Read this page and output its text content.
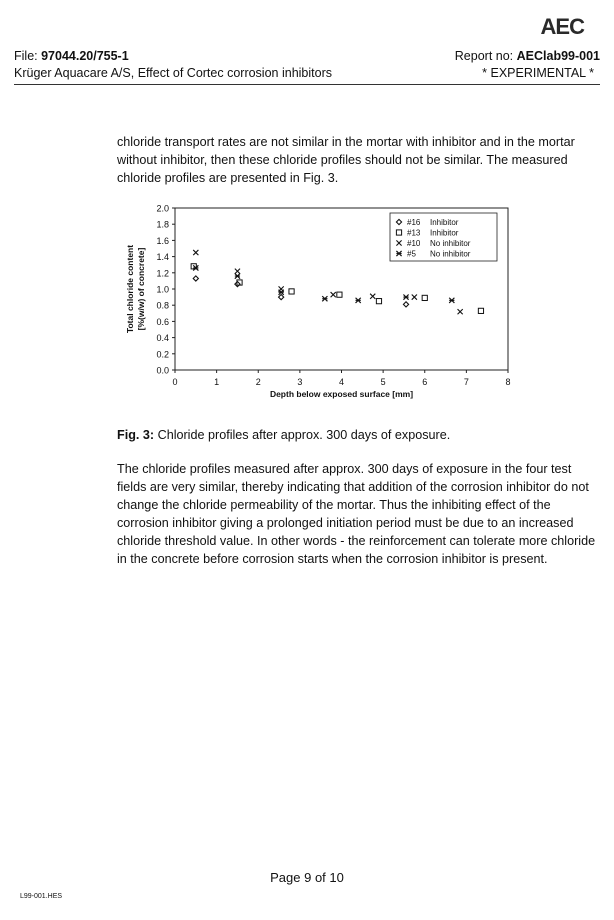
AEC
File: 97044.20/755-1	Report no: AEClab99-001
Krüger Aquacare A/S, Effect of Cortec corrosion inhibitors	* EXPERIMENTAL *
chloride transport rates are not similar in the mortar with inhibitor and in the mortar without inhibitor, then these chloride profiles should not be similar. The measured chloride profiles are presented in Fig. 3.
0.0
0.2
0.4
0.6
0.8
1.0
1.2
1.4
1.6
1.8
2.0
0	1	2	3	4	5	6	7	8
Depth below exposed surface [mm]
Total chloride content [%(w/w) of concrete]
#16 Inhibitor
#13 Inhibitor
#10 No inhibitor
#5 No inhibitor
Fig. 3: Chloride profiles after approx. 300 days of exposure.
The chloride profiles measured after approx. 300 days of exposure in the four test fields are very similar, thereby indicating that addition of the corrosion inhibitor do not change the chloride permeability of the mortar. Thus the inhibiting effect of the corrosion inhibitor giving a prolonged initiation period must be due to an increased chloride threshold value. In other words - the reinforcement can tolerate more chloride in the concrete before corrosion starts when the corrosion inhibitor is present.
Page 9 of 10
L99-001.HES
